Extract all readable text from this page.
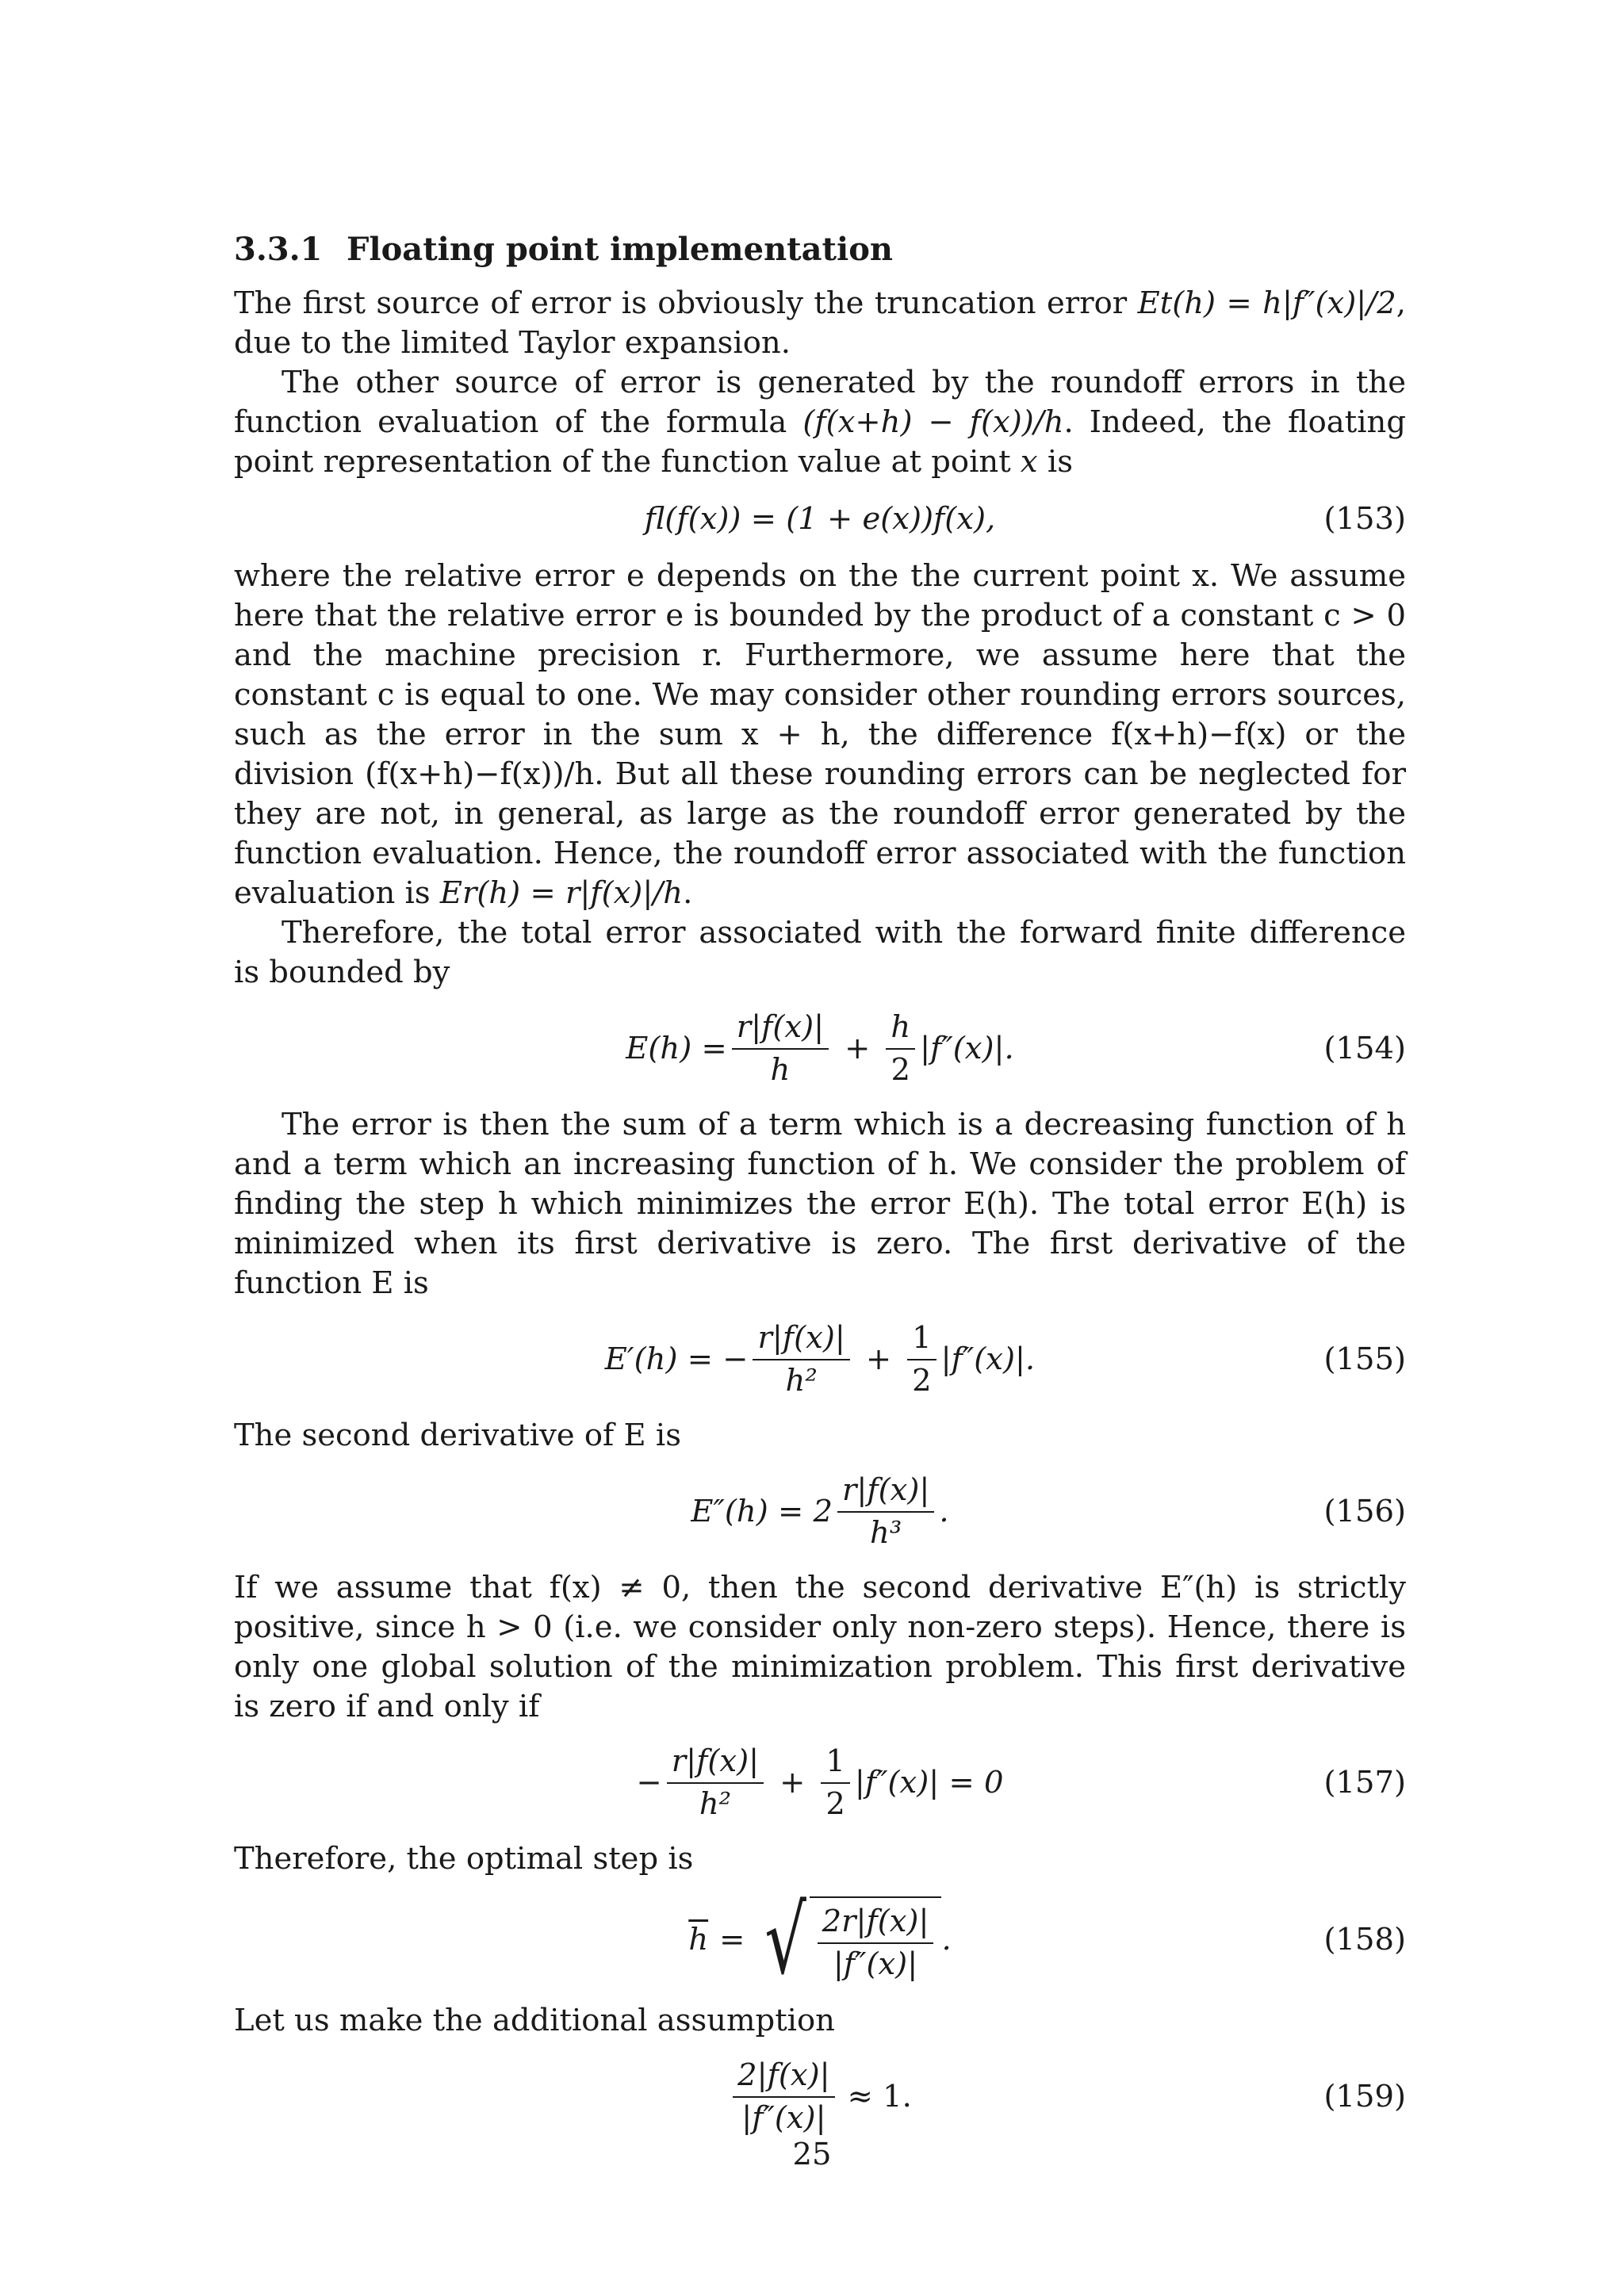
3.3.1 Floating point implementation

The first source of error is obviously the truncation error Et(h) = h|f″(x)|/2, due to the limited Taylor expansion.

The other source of error is generated by the roundoff errors in the function evaluation of the formula (f(x+h) − f(x))/h. Indeed, the floating point representation of the function value at point x is

fl(f(x)) = (1 + e(x))f(x),	(153)

where the relative error e depends on the the current point x. We assume here that the relative error e is bounded by the product of a constant c > 0 and the machine precision r. Furthermore, we assume here that the constant c is equal to one. We may consider other rounding errors sources, such as the error in the sum x + h, the difference f(x+h)−f(x) or the division (f(x+h)−f(x))/h. But all these rounding errors can be neglected for they are not, in general, as large as the roundoff error generated by the function evaluation. Hence, the roundoff error associated with the function evaluation is Er(h) = r|f(x)|/h.

Therefore, the total error associated with the forward finite difference is bounded by

$E(h) = \frac{r|f(x)|}{h} + \frac{h}{2} |f''(x)|$.	(154)

The error is then the sum of a term which is a decreasing function of h and a term which an increasing function of h. We consider the problem of finding the step h which minimizes the error E(h). The total error E(h) is minimized when its first derivative is zero. The first derivative of the function E is

E′(h) = − $\frac{r|f(x)|}{\text{h²}} + \frac{1}{2} |f''(x)|$.	(155)

The second derivative of E is

$E''(h) = 2 \frac{r|f(x)|}{\text{h³}}$ .	(156)

If we assume that f(x) ≠ 0, then the second derivative E″(h) is strictly positive, since h > 0 (i.e. we consider only non-zero steps). Hence, there is only one global solution of the minimization problem. This first derivative is zero if and only if

− $\frac{r|f(x)|}{\text{h²}} + \frac{1}{2} |f''(x)| = 0$	(157)

Therefore, the optimal step is

$\overline{h}$ = √ $\frac{2r|f(x)|}{|f''(x)|}$ .	(158)

Let us make the additional assumption

$\frac{2|f(x)|}{|f''(x)|} \approx 1$.	(159)
25
